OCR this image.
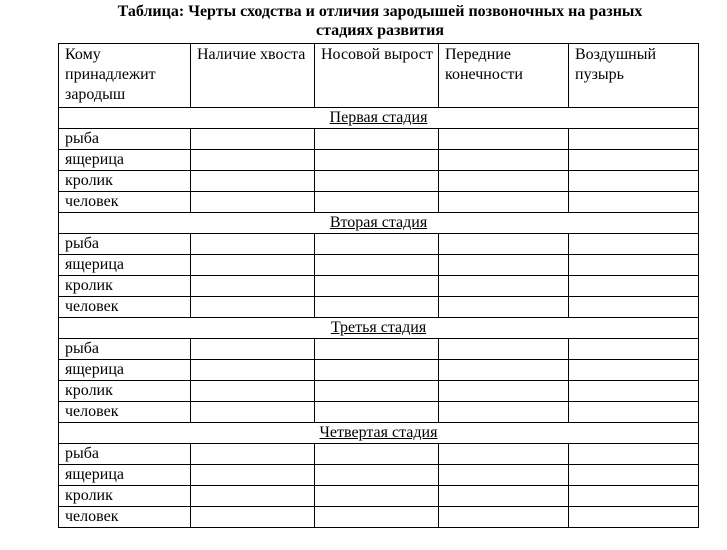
Таблица: Черты сходства и отличия зародышей позвоночных на разных
стадиях развития
Кому принадлежит зародыш	Наличие хвоста	Носовой вырост	Передние конечности	Воздушный пузырь
Первая стадия				
рыба				
ящерица				
кролик				
человек				
Вторая стадия				
рыба				
ящерица				
кролик				
человек				
Третья стадия				
рыба				
ящерица				
кролик				
человек				
Четвертая стадия				
рыба				
ящерица				
кролик				
человек				
